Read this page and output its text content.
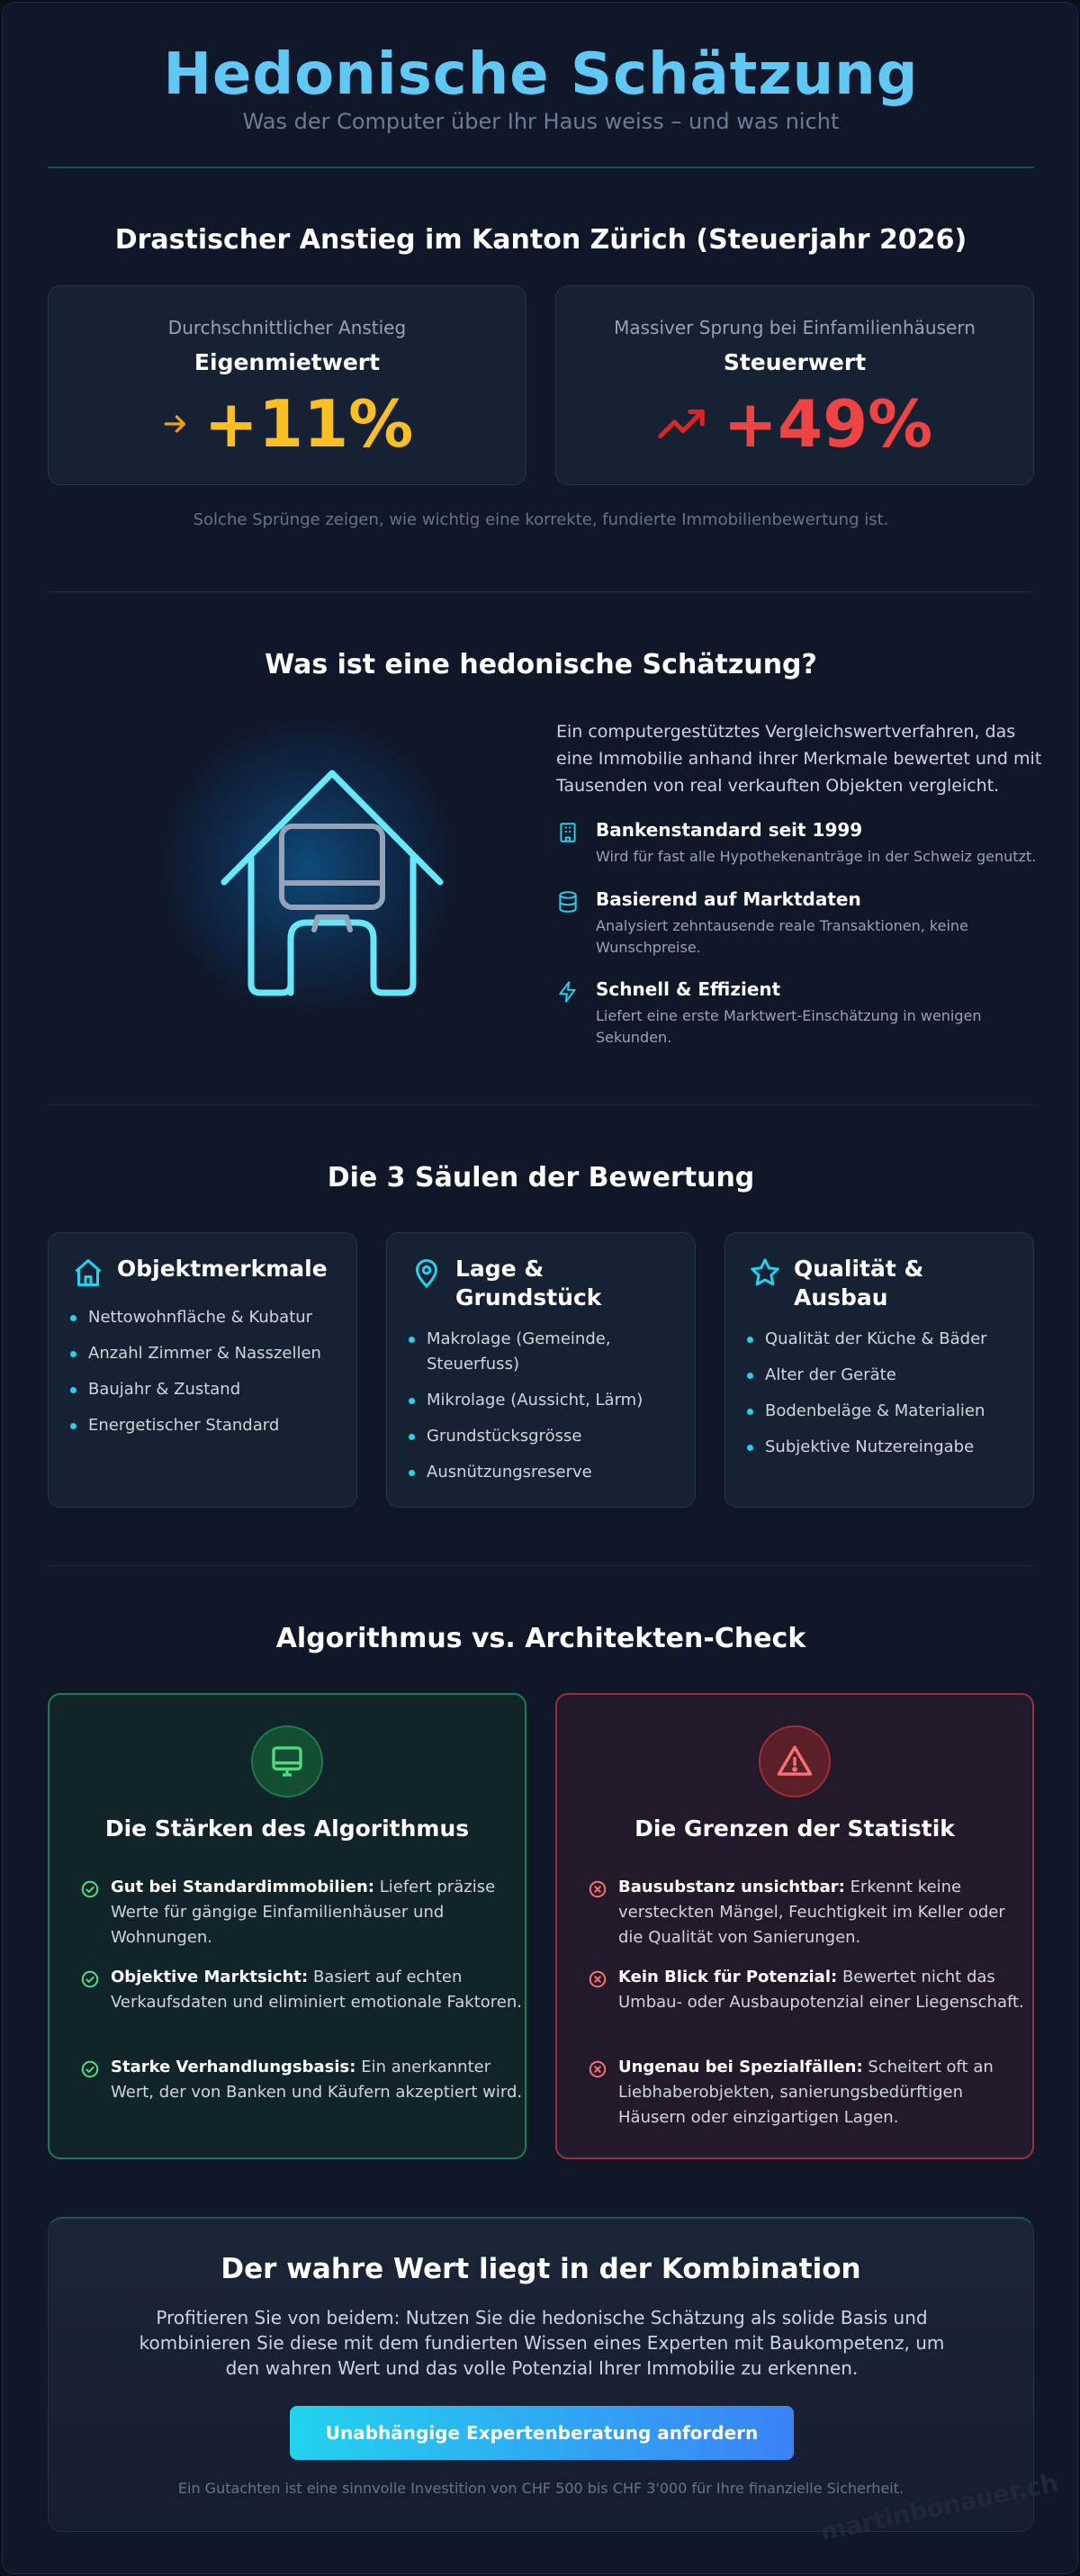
Hedonische Schätzung
Was der Computer über Ihr Haus weiss – und was nicht
Drastischer Anstieg im Kanton Zürich (Steuerjahr 2026)
Durchschnittlicher Anstieg
Eigenmietwert
+11%
Massiver Sprung bei Einfamilienhäusern
Steuerwert
+49%
Solche Sprünge zeigen, wie wichtig eine korrekte, fundierte Immobilienbewertung ist.
Was ist eine hedonische Schätzung?
Ein computergestütztes Vergleichswertverfahren, das eine Immobilie anhand ihrer Merkmale bewertet und mit Tausenden von real verkauften Objekten vergleicht.
Bankenstandard seit 1999
Wird für fast alle Hypothekenanträge in der Schweiz genutzt.
Basierend auf Marktdaten
Analysiert zehntausende reale Transaktionen, keine Wunschpreise.
Schnell & Effizient
Liefert eine erste Marktwert-Einschätzung in wenigen Sekunden.
Die 3 Säulen der Bewertung
Objektmerkmale
Nettowohnfläche & Kubatur
Anzahl Zimmer & Nasszellen
Baujahr & Zustand
Energetischer Standard
Lage & Grundstück
Makrolage (Gemeinde, Steuerfuss)
Mikrolage (Aussicht, Lärm)
Grundstücksgrösse
Ausnützungsreserve
Qualität & Ausbau
Qualität der Küche & Bäder
Alter der Geräte
Bodenbeläge & Materialien
Subjektive Nutzereingabe
Algorithmus vs. Architekten-Check
Die Stärken des Algorithmus

Gut bei Standardimmobilien: Liefert präzise Werte für gängige Einfamilienhäuser und Wohnungen.

Objektive Marktsicht: Basiert auf echten Verkaufsdaten und eliminiert emotionale Faktoren.

Starke Verhandlungsbasis: Ein anerkannter Wert, der von Banken und Käufern akzeptiert wird.

Die Grenzen der Statistik

Bausubstanz unsichtbar: Erkennt keine versteckten Mängel, Feuchtigkeit im Keller oder die Qualität von Sanierungen.

Kein Blick für Potenzial: Bewertet nicht das Umbau- oder Ausbaupotenzial einer Liegenschaft.

Ungenau bei Spezialfällen: Scheitert oft an Liebhaberobjekten, sanierungsbedürftigen Häusern oder einzigartigen Lagen.

Der wahre Wert liegt in der Kombination
Profitieren Sie von beidem: Nutzen Sie die hedonische Schätzung als solide Basis und kombinieren Sie diese mit dem fundierten Wissen eines Experten mit Baukompetenz, um den wahren Wert und das volle Potenzial Ihrer Immobilie zu erkennen.
Unabhängige Expertenberatung anfordern
Ein Gutachten ist eine sinnvolle Investition von CHF 500 bis CHF 3'000 für Ihre finanzielle Sicherheit.
martinbonauer.ch
